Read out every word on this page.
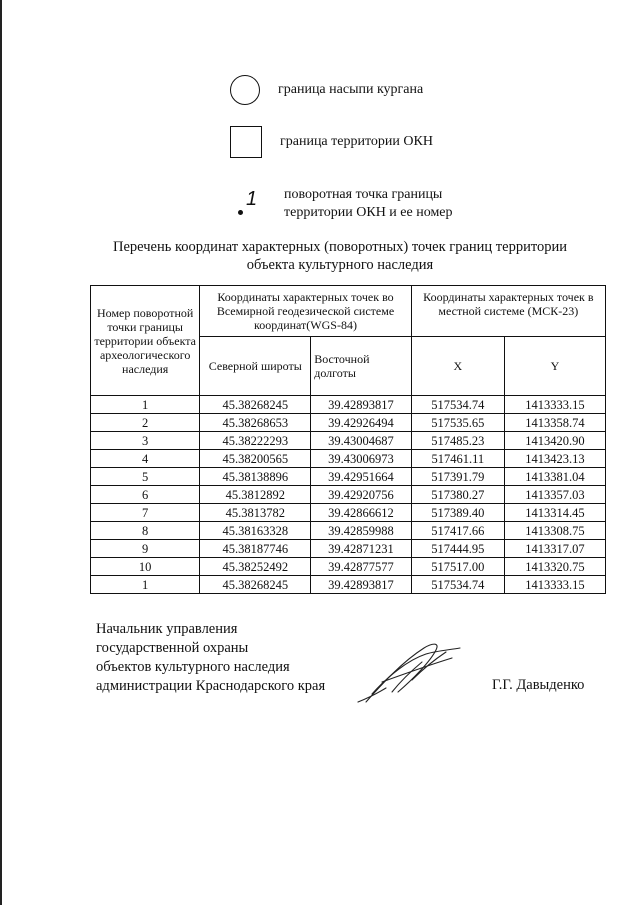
граница насыпи кургана
граница территории ОКН
1 поворотная точка границы
территории ОКН и ее номер
Перечень координат характерных (поворотных) точек границ территории
объекта культурного наследия
Номер поворотной точки границы территории объекта археологического наследия	Координаты характерных точек во Всемирной геодезической системе координат(WGS-84)		Координаты характерных точек в местной системе (МСК-23)	
	Северной широты	Восточной долготы	X	Y
1	45.38268245	39.42893817	517534.74	1413333.15
2	45.38268653	39.42926494	517535.65	1413358.74
3	45.38222293	39.43004687	517485.23	1413420.90
4	45.38200565	39.43006973	517461.11	1413423.13
5	45.38138896	39.42951664	517391.79	1413381.04
6	45.3812892	39.42920756	517380.27	1413357.03
7	45.3813782	39.42866612	517389.40	1413314.45
8	45.38163328	39.42859988	517417.66	1413308.75
9	45.38187746	39.42871231	517444.95	1413317.07
10	45.38252492	39.42877577	517517.00	1413320.75
1	45.38268245	39.42893817	517534.74	1413333.15
Начальник управления
государственной охраны
объектов культурного наследия
администрации Краснодарского края	Г.Г. Давыденко
